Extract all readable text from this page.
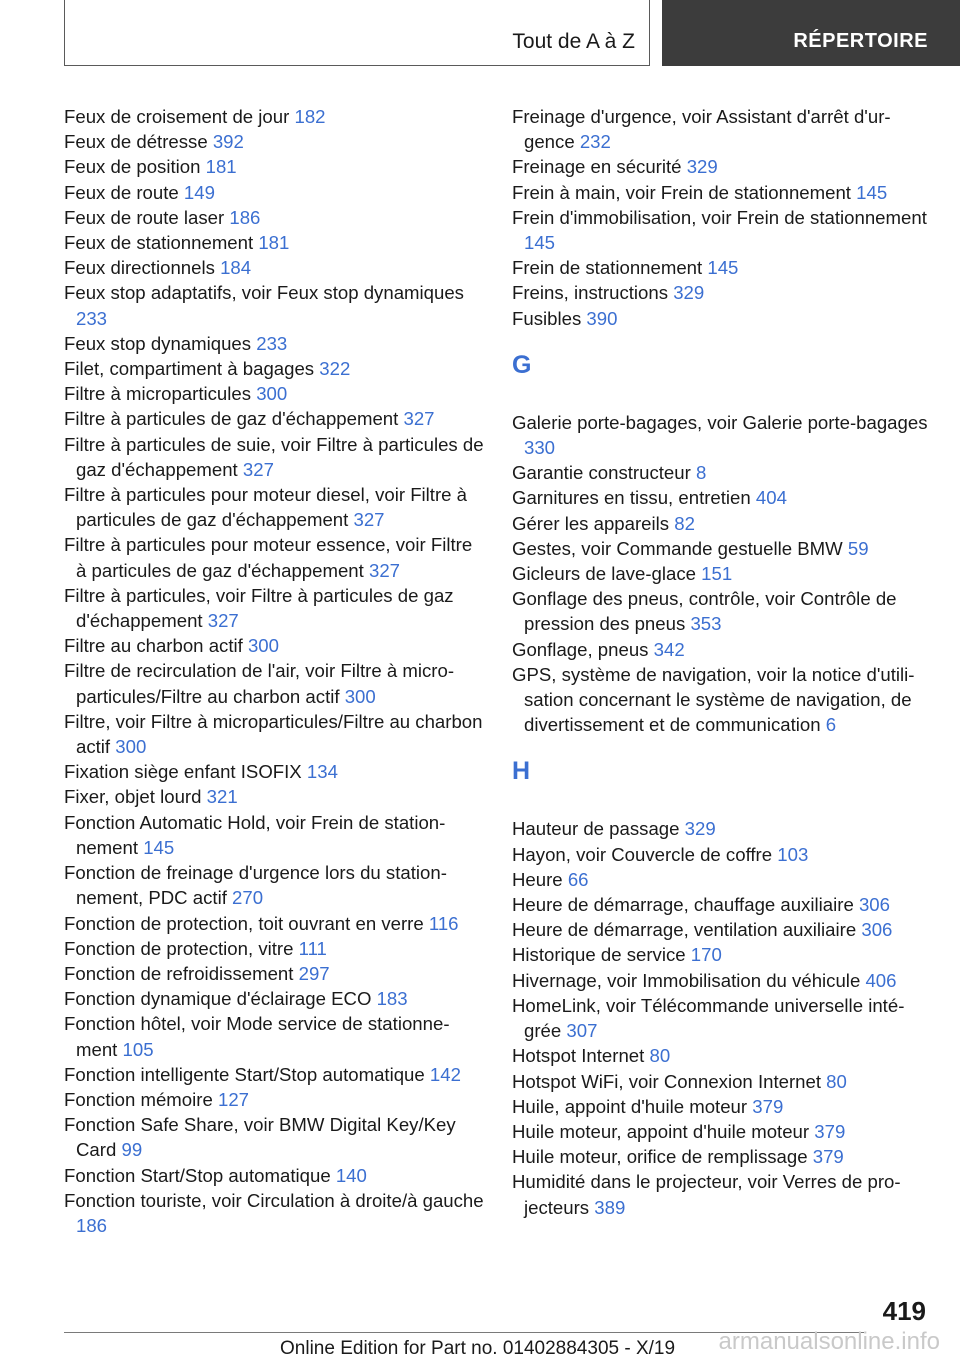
Tout de A à Z	RÉPERTOIRE
Feux de croisement de jour 182
Feux de détresse 392
Feux de position 181
Feux de route 149
Feux de route laser 186
Feux de stationnement 181
Feux directionnels 184
Feux stop adaptatifs, voir Feux stop dynamiques 233
Feux stop dynamiques 233
Filet, compartiment à bagages 322
Filtre à microparticules 300
Filtre à particules de gaz d'échappement 327
Filtre à particules de suie, voir Filtre à particules de gaz d'échappement 327
Filtre à particules pour moteur diesel, voir Filtre à particules de gaz d'échappement 327
Filtre à particules pour moteur essence, voir Filtre à particules de gaz d'échappement 327
Filtre à particules, voir Filtre à particules de gaz d'échappement 327
Filtre au charbon actif 300
Filtre de recirculation de l'air, voir Filtre à microparticules/Filtre au charbon actif 300
Filtre, voir Filtre à microparticules/Filtre au charbon actif 300
Fixation siège enfant ISOFIX 134
Fixer, objet lourd 321
Fonction Automatic Hold, voir Frein de stationnement 145
Fonction de freinage d'urgence lors du stationnement, PDC actif 270
Fonction de protection, toit ouvrant en verre 116
Fonction de protection, vitre 111
Fonction de refroidissement 297
Fonction dynamique d'éclairage ECO 183
Fonction hôtel, voir Mode service de stationnement 105
Fonction intelligente Start/Stop automatique 142
Fonction mémoire 127
Fonction Safe Share, voir BMW Digital Key/Key Card 99
Fonction Start/Stop automatique 140
Fonction touriste, voir Circulation à droite/à gauche 186
Freinage d'urgence, voir Assistant d'arrêt d'urgence 232
Freinage en sécurité 329
Frein à main, voir Frein de stationnement 145
Frein d'immobilisation, voir Frein de stationnement 145
Frein de stationnement 145
Freins, instructions 329
Fusibles 390
G
Galerie porte-bagages, voir Galerie porte-bagages 330
Garantie constructeur 8
Garnitures en tissu, entretien 404
Gérer les appareils 82
Gestes, voir Commande gestuelle BMW 59
Gicleurs de lave-glace 151
Gonflage des pneus, contrôle, voir Contrôle de pression des pneus 353
Gonflage, pneus 342
GPS, système de navigation, voir la notice d'utilisation concernant le système de navigation, de divertissement et de communication 6
H
Hauteur de passage 329
Hayon, voir Couvercle de coffre 103
Heure 66
Heure de démarrage, chauffage auxiliaire 306
Heure de démarrage, ventilation auxiliaire 306
Historique de service 170
Hivernage, voir Immobilisation du véhicule 406
HomeLink, voir Télécommande universelle intégrée 307
Hotspot Internet 80
Hotspot WiFi, voir Connexion Internet 80
Huile, appoint d'huile moteur 379
Huile moteur, appoint d'huile moteur 379
Huile moteur, orifice de remplissage 379
Humidité dans le projecteur, voir Verres de projecteurs 389
419
Online Edition for Part no. 01402884305 - X/19 armanualsonline.info
